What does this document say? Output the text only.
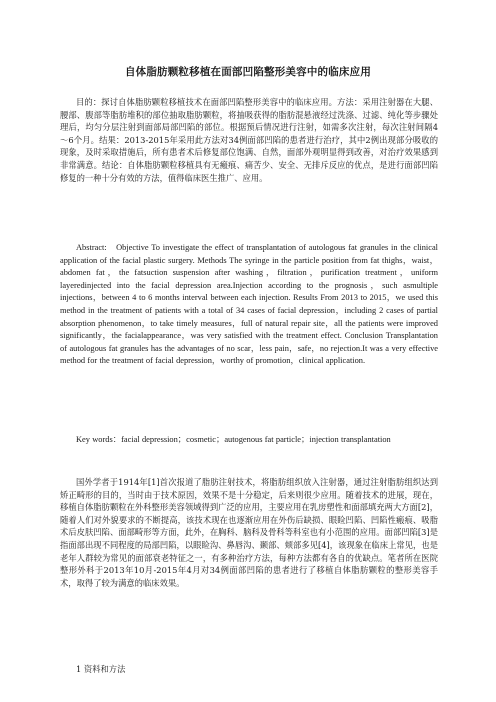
自体脂肪颗粒移植在面部凹陷整形美容中的临床应用

目的：探讨自体脂肪颗粒移植技术在面部凹陷整形美容中的临床应用。方法：采用注射器在大腿、腰部、腹部等脂肪堆积的部位抽取脂肪颗粒，将抽吸获得的脂肪混悬液经过洗涤、过滤、纯化等步骤处理后，均匀分层注射到面部局部凹陷的部位。根据预后情况进行注射，如需多次注射，每次注射间隔4～6个月。结果：2013-2015年采用此方法对34例面部凹陷的患者进行治疗，其中2例出现部分吸收的现象，及时采取措施后，所有患者术后修复部位饱满、自然，面部外观明显得到改善，对治疗效果感到非常满意。结论：自体脂肪颗粒移植具有无瘢痕、痛苦少、安全、无排斥反应的优点，是进行面部凹陷修复的一种十分有效的方法，值得临床医生推广、应用。

Abstract:　Objective To investigate the effect of transplantation of autologous fat granules in the clinical application of the facial plastic surgery. Methods The syringe in the particle position from fat thighs，waist，abdomen fat，the fatsuction suspension after washing，filtration，purification treatment，uniform layeredinjected into the facial depression area.Injection according to the prognosis，such asmultiple injections，between 4 to 6 months interval between each injection. Results From 2013 to 2015，we used this method in the treatment of patients with a total of 34 cases of facial depression，including 2 cases of partial absorption phenomenon，to take timely measures，full of natural repair site，all the patients were improved significantly，the facialappearance，was very satisfied with the treatment effect. Conclusion Transplantation of autologous fat granules has the advantages of no scar，less pain，safe，no rejection.It was a very effective method for the treatment of facial depression，worthy of promotion，clinical application.

Key words：facial depression；cosmetic；autogenous fat particle；injection transplantation

国外学者于1914年[1]首次报道了脂肪注射技术，将脂肪组织放入注射器，通过注射脂肪组织达到矫正畸形的目的，当时由于技术原因，效果不是十分稳定，后来则很少应用。随着技术的进展，现在，移植自体脂肪颗粒在外科整形美容领域得到广泛的应用，主要应用在乳房塑性和面部填充两大方面[2]，随着人们对外貌要求的不断提高，该技术现在也逐渐应用在外伤后缺损、眼睑凹陷、凹陷性瘢痕、吸脂术后皮肤凹陷、面部畸形等方面，此外，在胸科、脑科及骨科等科室也有小范围的应用。面部凹陷[3]是指面部出现不同程度的局部凹陷，以眼睑沟、鼻唇沟、颞部、颊部多见[4]，该现象在临床上常见，也是老年人群较为常见的面部衰老特征之一，有多种治疗方法，每种方法都有各自的优缺点。笔者所在医院整形外科于2013年10月-2015年4月对34例面部凹陷的患者进行了移植自体脂肪颗粒的整形美容手术，取得了较为满意的临床效果。

1 资料和方法
